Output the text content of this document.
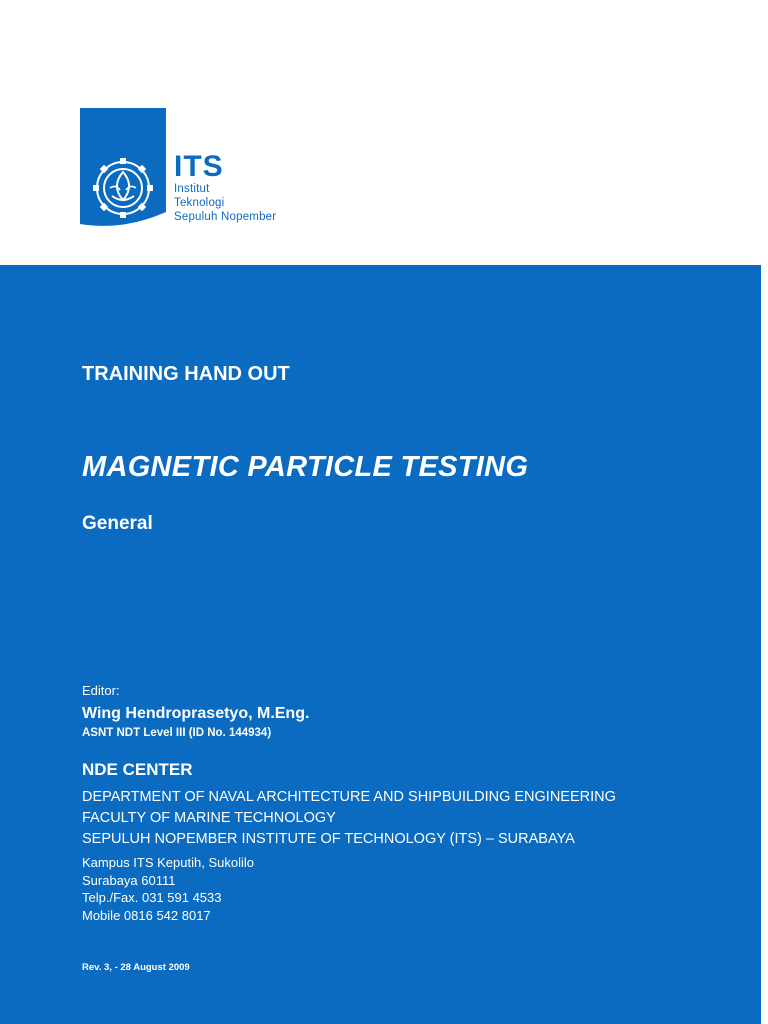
ITS
Institut
Teknologi
Sepuluh Nopember
TRAINING HAND OUT
MAGNETIC PARTICLE TESTING
General
Editor:
Wing Hendroprasetyo, M.Eng.
ASNT NDT Level III (ID No. 144934)
NDE CENTER
DEPARTMENT OF NAVAL ARCHITECTURE AND SHIPBUILDING ENGINEERING
FACULTY OF MARINE TECHNOLOGY
SEPULUH NOPEMBER INSTITUTE OF TECHNOLOGY (ITS) – SURABAYA
Kampus ITS Keputih, Sukolilo
Surabaya 60111
Telp./Fax. 031 591 4533
Mobile 0816 542 8017
Rev. 3, - 28 August 2009
